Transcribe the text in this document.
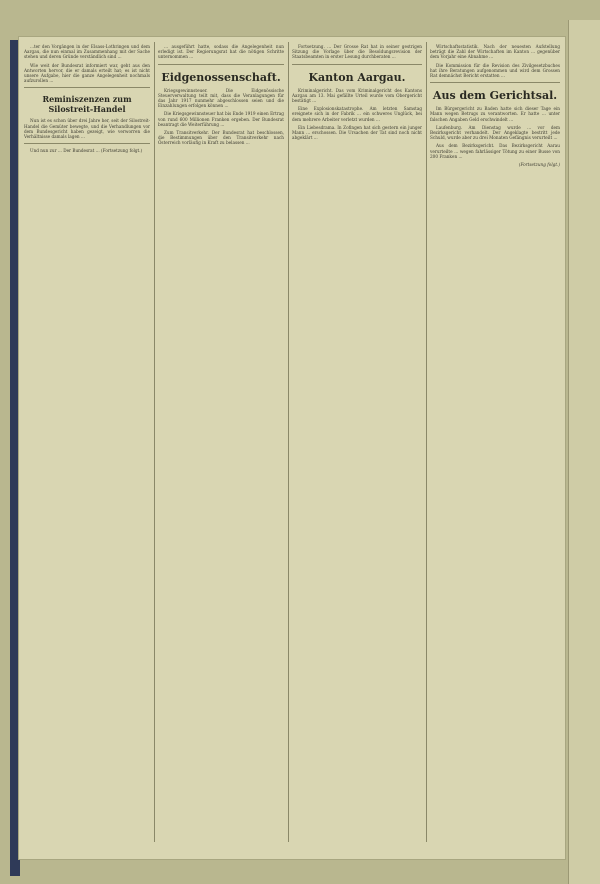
...ter den Vorgängen in der Elsass-Lothringen und dem Aargau, die nun einmal im Zusammenhang mit der Sache stehen und deren Gründe verständlich sind ...

Wie weit der Bundesrat informiert war, geht aus den Antworten hervor, die er damals erteilt hat; es ist nicht unsere Aufgabe, hier die ganze Angelegenheit nochmals aufzurollen ...

Reminiszenzen zum Silostreit-Handel

Nun ist es schon über drei Jahre her, seit der Silostreit-Handel die Gemüter bewegte, und die Verhandlungen vor dem Bundesgericht haben gezeigt, wie verworren die Verhältnisse damals lagen ...

Und nun zur ... Der Bundesrat ... (Fortsetzung folgt.)

... ausgeführt hatte, sodass die Angelegenheit nun erledigt ist. Der Regierungsrat hat die nötigen Schritte unternommen ...

Eidgenossenschaft.

Kriegsgewinnsteuer. Die Eidgenössische Steuerverwaltung teilt mit, dass die Veranlagungen für das Jahr 1917 nunmehr abgeschlossen seien und die Einzahlungen erfolgen können ...

Die Kriegsgewinnsteuer hat bis Ende 1919 einen Ertrag von rund 600 Millionen Franken ergeben. Der Bundesrat beantragt die Weiterführung ...

Zum Transitverkehr. Der Bundesrat hat beschlossen, die Bestimmungen über den Transitverkehr nach Österreich vorläufig in Kraft zu belassen ...

Fortsetzung. ... Der Grosse Rat hat in seiner gestrigen Sitzung die Vorlage über die Besoldungsrevision der Staatsbeamten in erster Lesung durchberaten ...

Kanton Aargau.

Kriminalgericht. Das vom Kriminalgericht des Kantons Aargau am 13. Mai gefällte Urteil wurde vom Obergericht bestätigt ...

Eine Explosionskatastrophe. Am letzten Samstag ereignete sich in der Fabrik ... ein schweres Unglück, bei dem mehrere Arbeiter verletzt wurden ...

Ein Liebesdrama. In Zofingen hat sich gestern ein junger Mann ... erschossen. Die Ursachen der Tat sind noch nicht abgeklärt ...

Wirtschaftsstatistik. Nach der neuesten Aufstellung beträgt die Zahl der Wirtschaften im Kanton ... gegenüber dem Vorjahr eine Abnahme ...

Die Kommission für die Revision des Zivilgesetzbuches hat ihre Beratungen aufgenommen und wird dem Grossen Rat demnächst Bericht erstatten ...

Aus dem Gerichtsal.

Im Bürgergericht zu Baden hatte sich dieser Tage ein Mann wegen Betrugs zu verantworten. Er hatte ... unter falschen Angaben Geld erschwindelt ...

Laufenburg. Am Dienstag wurde ... vor dem Bezirksgericht verhandelt. Der Angeklagte bestritt jede Schuld, wurde aber zu drei Monaten Gefängnis verurteilt ...

Aus dem Bezirksgericht. Das Bezirksgericht Aarau verurteilte ... wegen fahrlässiger Tötung zu einer Busse von 200 Franken ...

(Fortsetzung folgt.)
